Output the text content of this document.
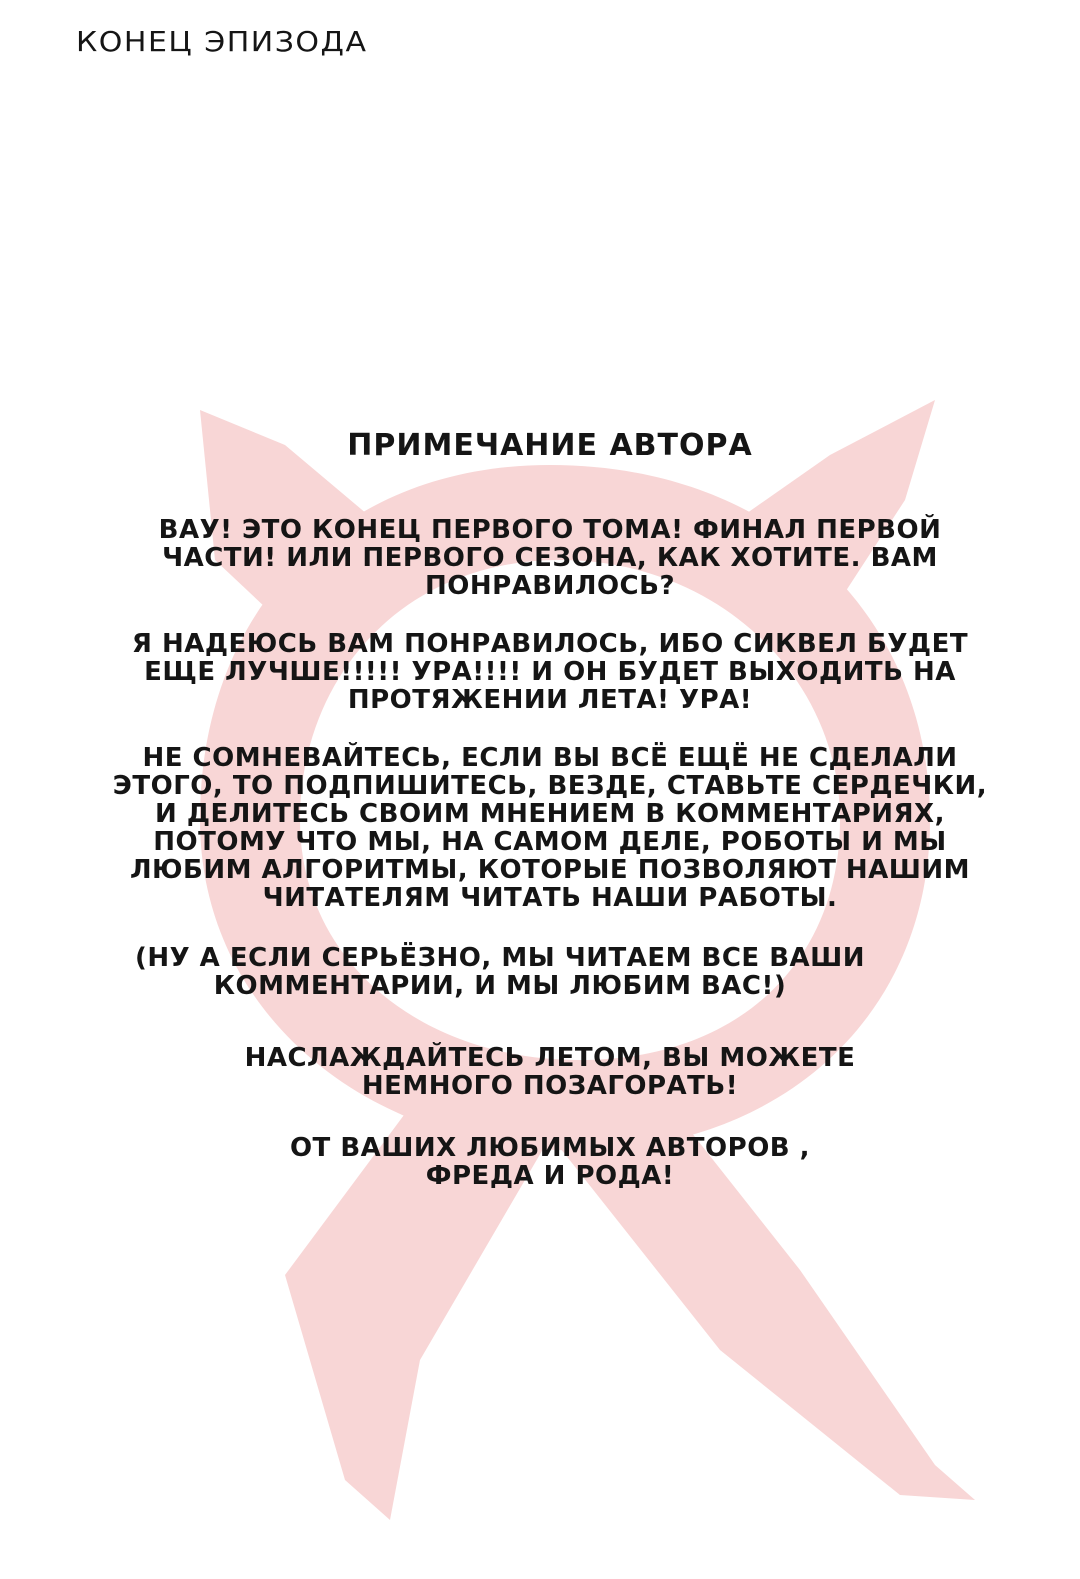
КОНЕЦ ЭПИЗОДА
ПРИМЕЧАНИЕ АВТОРА
ВАУ! ЭТО КОНЕЦ ПЕРВОГО ТОМА! ФИНАЛ ПЕРВОЙ
ЧАСТИ! ИЛИ ПЕРВОГО СЕЗОНА, КАК ХОТИТЕ. ВАМ
ПОНРАВИЛОСЬ?
Я НАДЕЮСЬ ВАМ ПОНРАВИЛОСЬ, ИБО СИКВЕЛ БУДЕТ
ЕЩЕ ЛУЧШЕ!!!!! УРА!!!! И ОН БУДЕТ ВЫХОДИТЬ НА
ПРОТЯЖЕНИИ ЛЕТА! УРА!
НЕ СОМНЕВАЙТЕСЬ, ЕСЛИ ВЫ ВСЁ ЕЩЁ НЕ СДЕЛАЛИ
ЭТОГО, ТО ПОДПИШИТЕСЬ, ВЕЗДЕ, СТАВЬТЕ СЕРДЕЧКИ,
И ДЕЛИТЕСЬ СВОИМ МНЕНИЕМ В КОММЕНТАРИЯХ,
ПОТОМУ ЧТО МЫ, НА САМОМ ДЕЛЕ, РОБОТЫ И МЫ
ЛЮБИМ АЛГОРИТМЫ, КОТОРЫЕ ПОЗВОЛЯЮТ НАШИМ
ЧИТАТЕЛЯМ ЧИТАТЬ НАШИ РАБОТЫ.
(НУ А ЕСЛИ СЕРЬЁЗНО, МЫ ЧИТАЕМ ВСЕ ВАШИ
КОММЕНТАРИИ, И МЫ ЛЮБИМ ВАС!)
НАСЛАЖДАЙТЕСЬ ЛЕТОМ, ВЫ МОЖЕТЕ
НЕМНОГО ПОЗАГОРАТЬ!
ОТ ВАШИХ ЛЮБИМЫХ АВТОРОВ ,
ФРЕДА И РОДА!
